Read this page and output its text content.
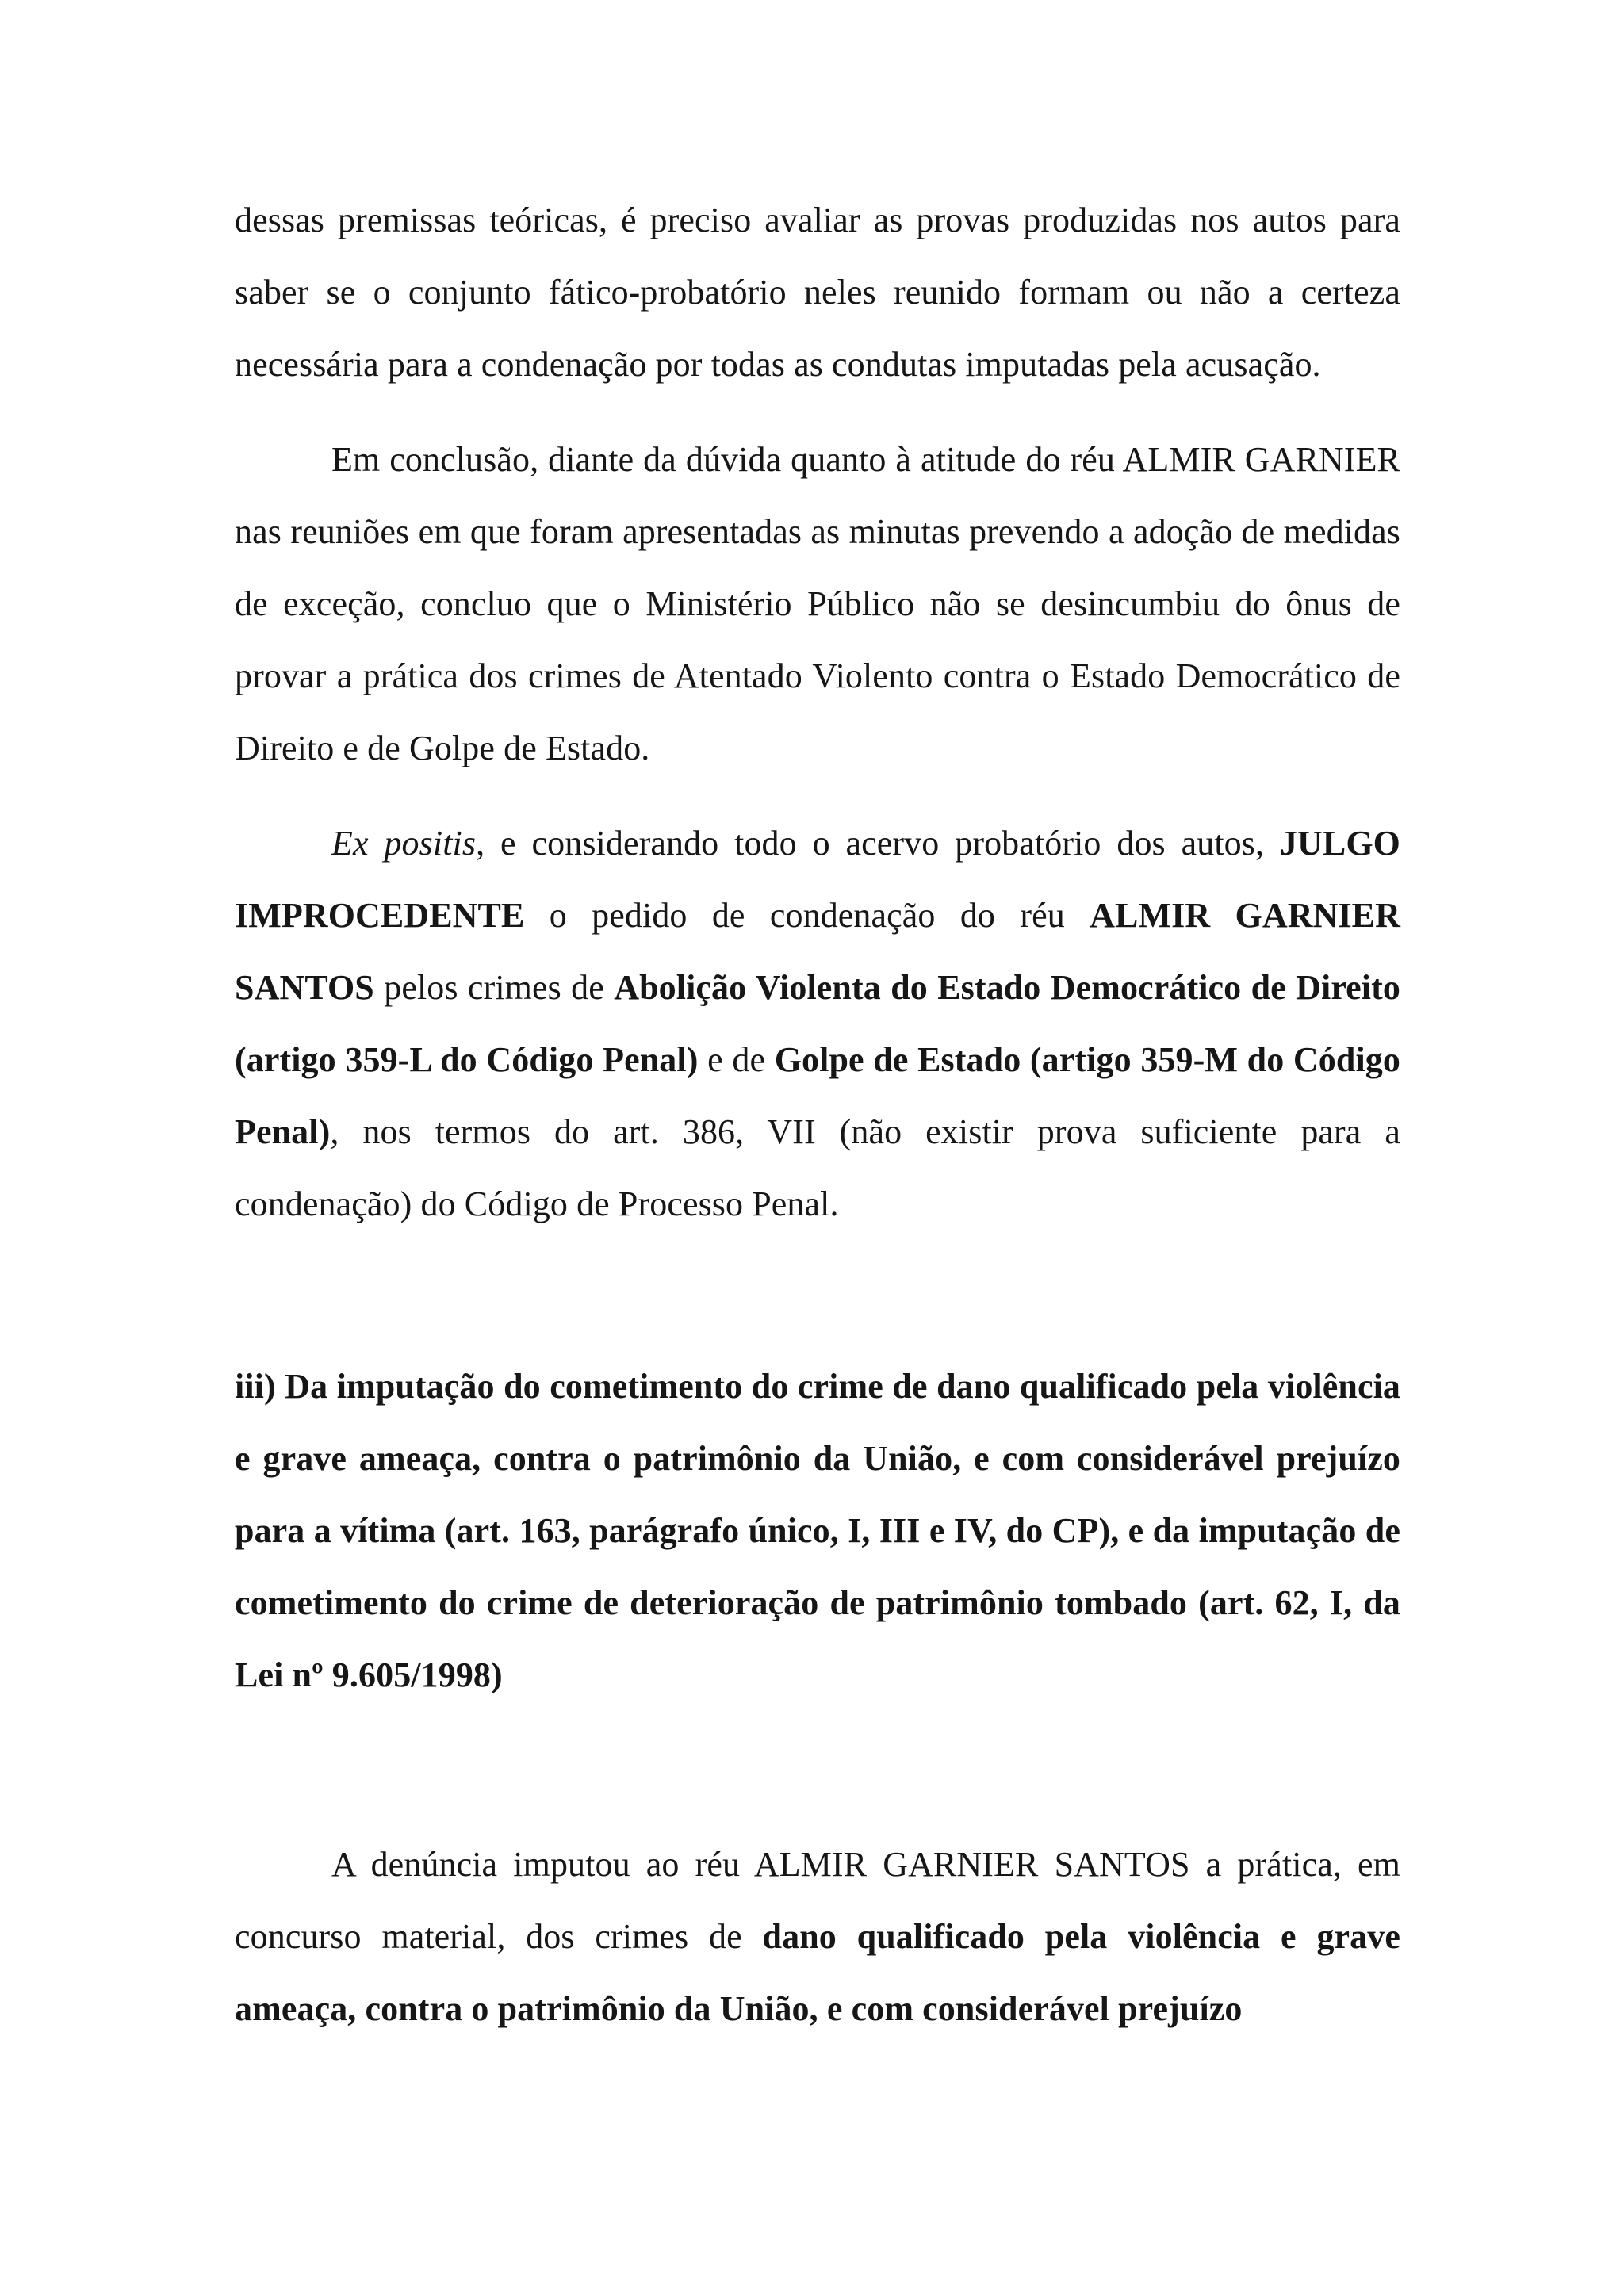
dessas premissas teóricas, é preciso avaliar as provas produzidas nos autos para saber se o conjunto fático-probatório neles reunido formam ou não a certeza necessária para a condenação por todas as condutas imputadas pela acusação.

Em conclusão, diante da dúvida quanto à atitude do réu ALMIR GARNIER nas reuniões em que foram apresentadas as minutas prevendo a adoção de medidas de exceção, concluo que o Ministério Público não se desincumbiu do ônus de provar a prática dos crimes de Atentado Violento contra o Estado Democrático de Direito e de Golpe de Estado.

Ex positis, e considerando todo o acervo probatório dos autos, JULGO IMPROCEDENTE o pedido de condenação do réu ALMIR GARNIER SANTOS pelos crimes de Abolição Violenta do Estado Democrático de Direito (artigo 359-L do Código Penal) e de Golpe de Estado (artigo 359-M do Código Penal), nos termos do art. 386, VII (não existir prova suficiente para a condenação) do Código de Processo Penal.

iii) Da imputação do cometimento do crime de dano qualificado pela violência e grave ameaça, contra o patrimônio da União, e com considerável prejuízo para a vítima (art. 163, parágrafo único, I, III e IV, do CP), e da imputação de cometimento do crime de deterioração de patrimônio tombado (art. 62, I, da Lei nº 9.605/1998)

A denúncia imputou ao réu ALMIR GARNIER SANTOS a prática, em concurso material, dos crimes de dano qualificado pela violência e grave ameaça, contra o patrimônio da União, e com considerável prejuízo
